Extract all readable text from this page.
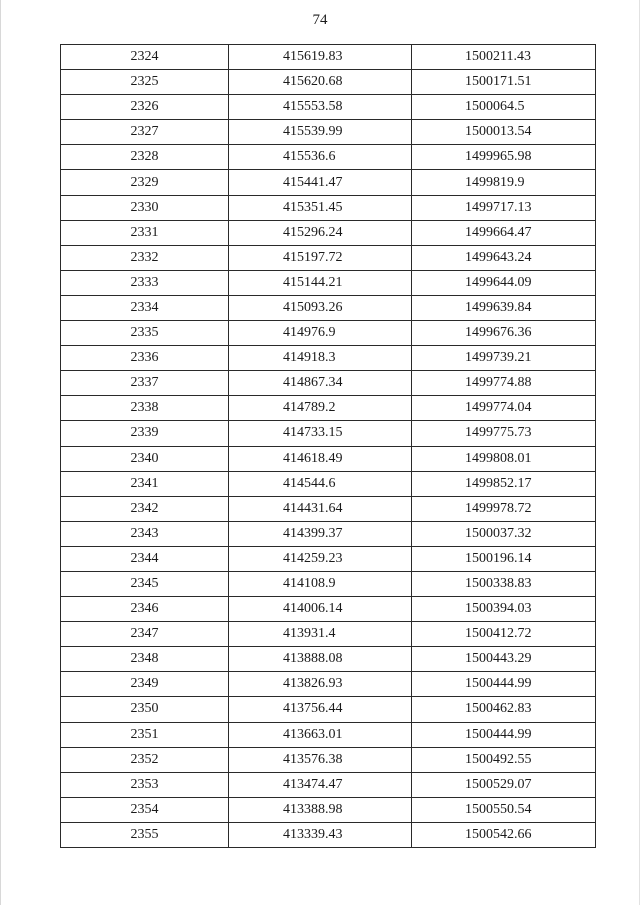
74
2324	415619.83	1500211.43
2325	415620.68	1500171.51
2326	415553.58	1500064.5
2327	415539.99	1500013.54
2328	415536.6	1499965.98
2329	415441.47	1499819.9
2330	415351.45	1499717.13
2331	415296.24	1499664.47
2332	415197.72	1499643.24
2333	415144.21	1499644.09
2334	415093.26	1499639.84
2335	414976.9	1499676.36
2336	414918.3	1499739.21
2337	414867.34	1499774.88
2338	414789.2	1499774.04
2339	414733.15	1499775.73
2340	414618.49	1499808.01
2341	414544.6	1499852.17
2342	414431.64	1499978.72
2343	414399.37	1500037.32
2344	414259.23	1500196.14
2345	414108.9	1500338.83
2346	414006.14	1500394.03
2347	413931.4	1500412.72
2348	413888.08	1500443.29
2349	413826.93	1500444.99
2350	413756.44	1500462.83
2351	413663.01	1500444.99
2352	413576.38	1500492.55
2353	413474.47	1500529.07
2354	413388.98	1500550.54
2355	413339.43	1500542.66
